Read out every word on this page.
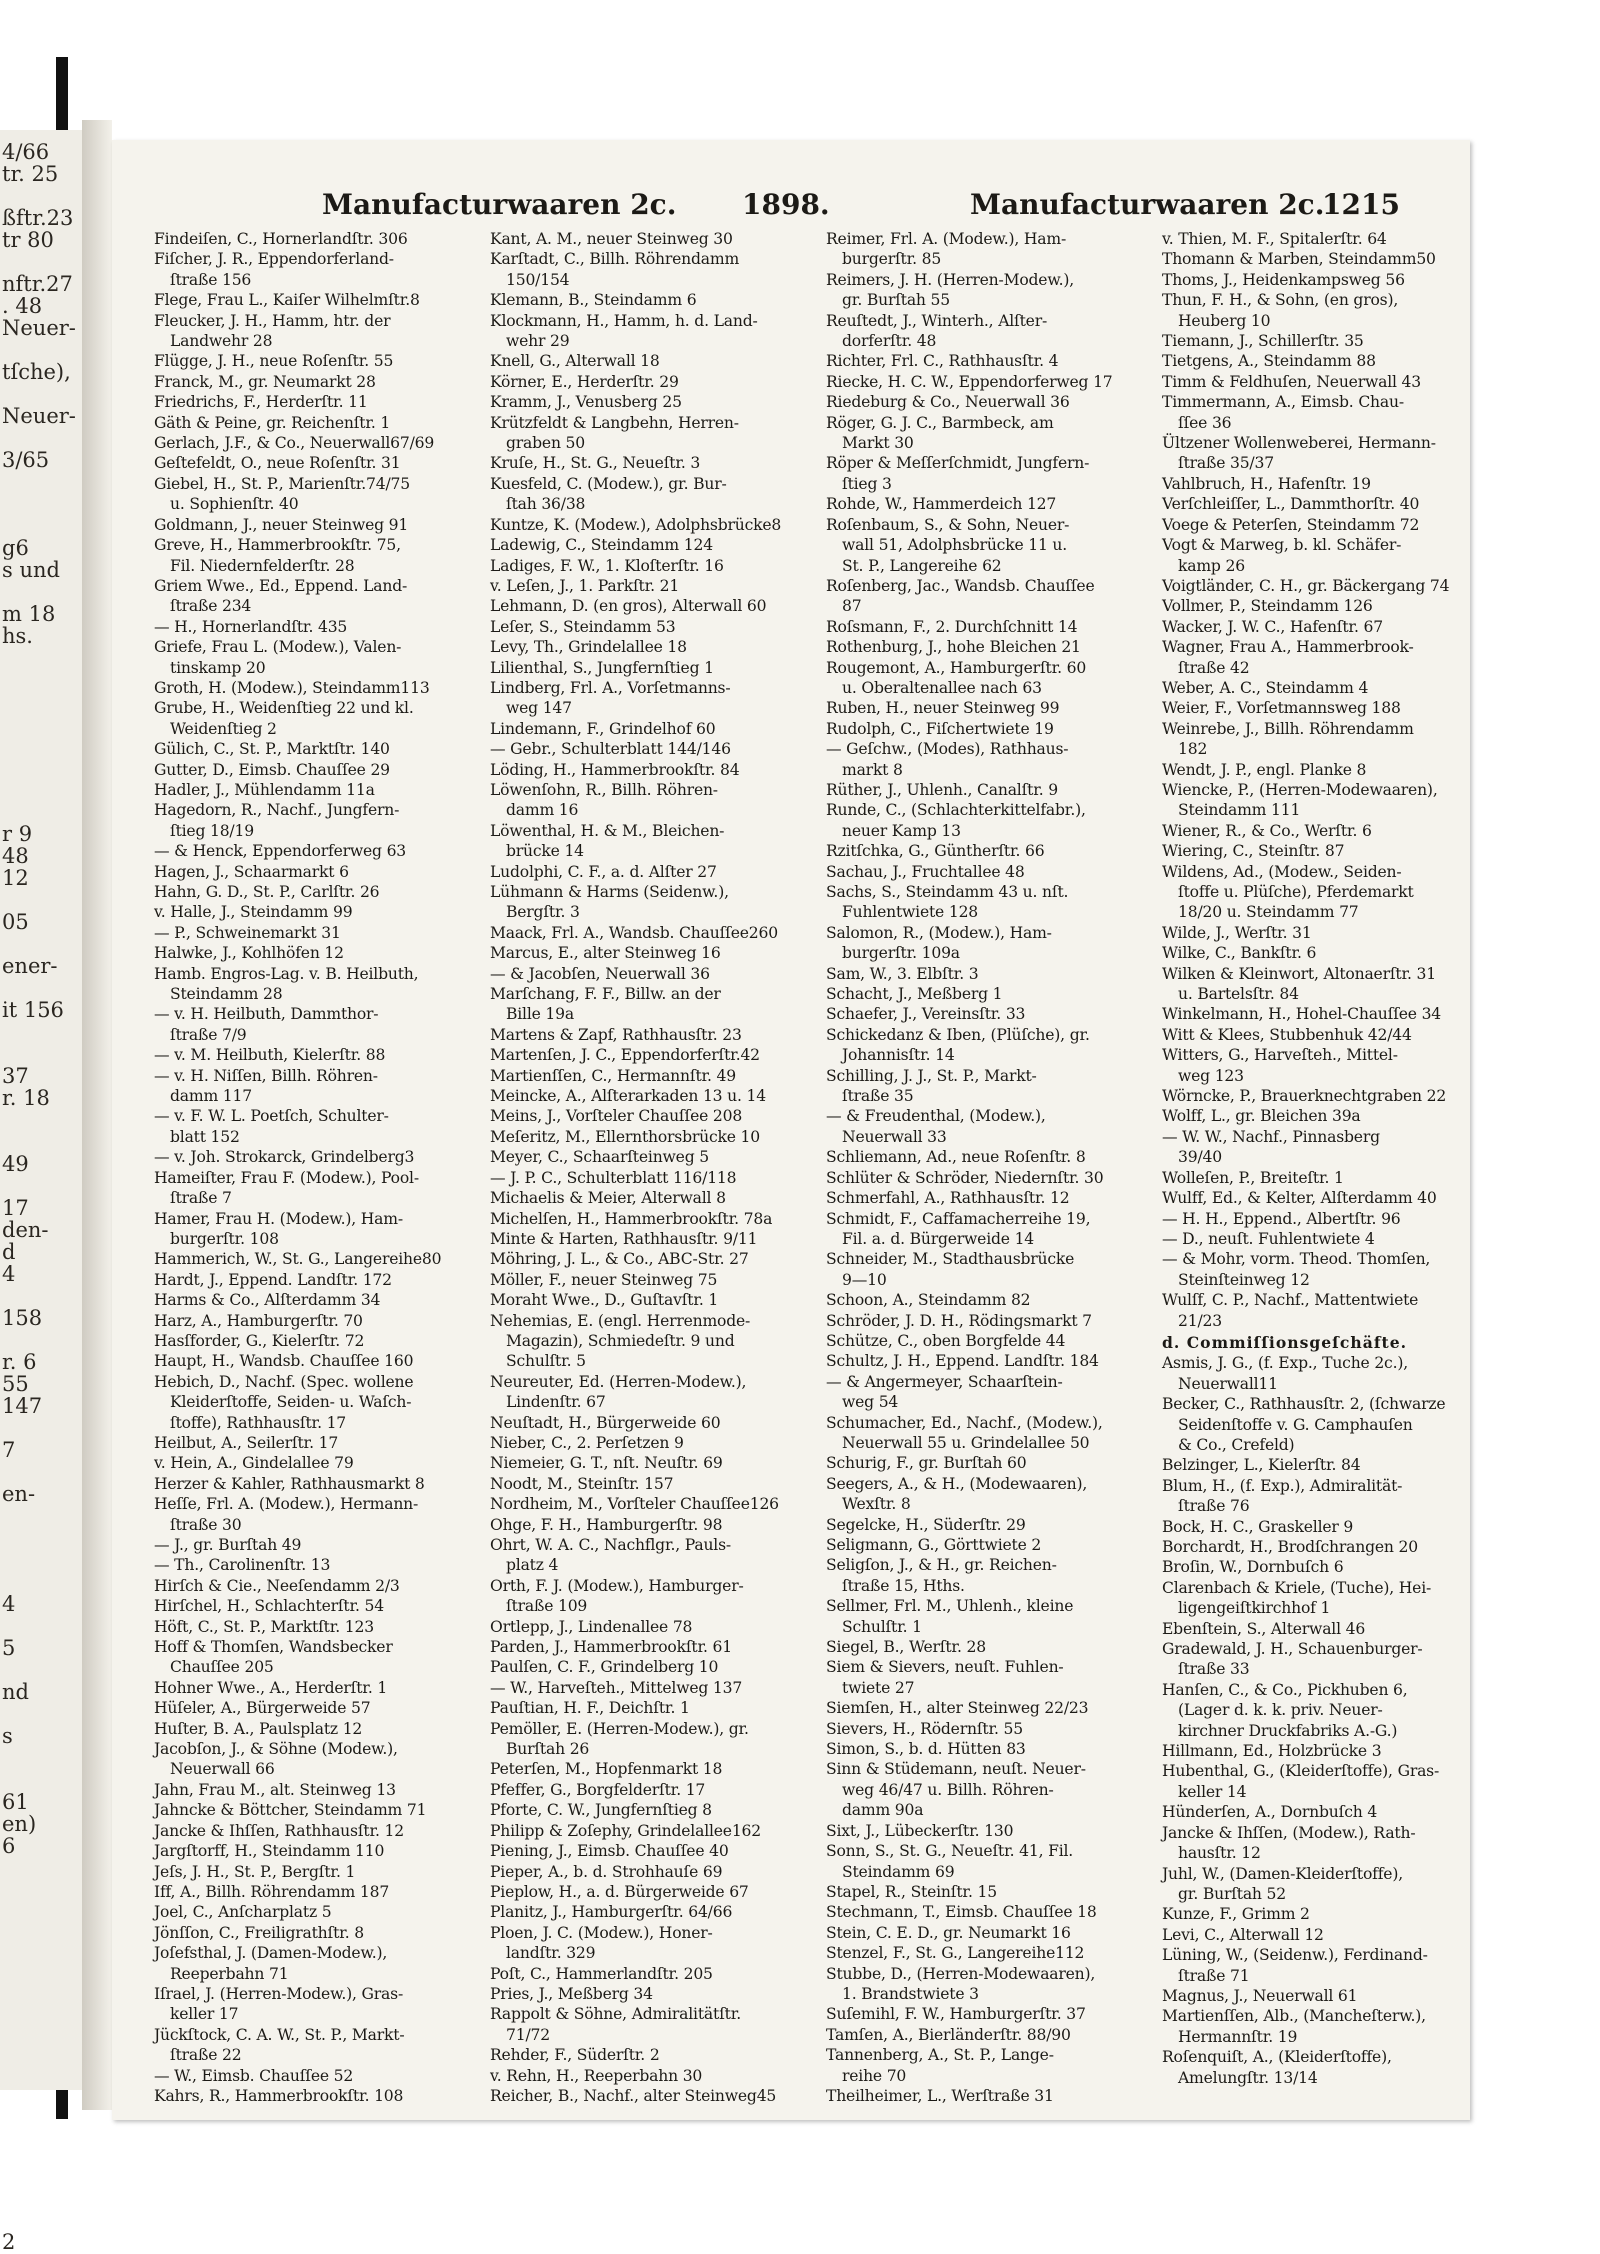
4/66
tr. 25
ßftr.23
tr 80
nftr.27
. 48
Neuer-
tſche),
Neuer-
3/65
g6
s und
m 18
hs.
r 9
48
12
05
ener-
it 156
37
r. 18
49
17
den-
d
4
158
r. 6
55
147
7
en-
4
5
nd
s
61
en)
6
2
Manufacturwaaren 2c. 1898.	Manufacturwaaren 2c.
1215
Findeiſen, C., Hornerlandſtr. 306
Fiſcher, J. R., Eppendorferland-
ſtraße 156
Flege, Frau L., Kaiſer Wilhelmſtr.8
Fleucker, J. H., Hamm, htr. der
Landwehr 28
Flügge, J. H., neue Roſenſtr. 55
Franck, M., gr. Neumarkt 28
Friedrichs, F., Herderſtr. 11
Gäth & Peine, gr. Reichenſtr. 1
Gerlach, J.F., & Co., Neuerwall67/69
Geſtefeldt, O., neue Roſenſtr. 31
Giebel, H., St. P., Marienſtr.74/75
u. Sophienſtr. 40
Goldmann, J., neuer Steinweg 91
Greve, H., Hammerbrookſtr. 75,
Fil. Niedernfelderſtr. 28
Griem Wwe., Ed., Eppend. Land-
ſtraße 234
— H., Hornerlandſtr. 435
Griefe, Frau L. (Modew.), Valen-
tinskamp 20
Groth, H. (Modew.), Steindamm113
Grube, H., Weidenſtieg 22 und kl.
Weidenſtieg 2
Gülich, C., St. P., Marktſtr. 140
Gutter, D., Eimsb. Chauſſee 29
Hadler, J., Mühlendamm 11a
Hagedorn, R., Nachf., Jungfern-
ſtieg 18/19
— & Henck, Eppendorferweg 63
Hagen, J., Schaarmarkt 6
Hahn, G. D., St. P., Carlſtr. 26
v. Halle, J., Steindamm 99
— P., Schweinemarkt 31
Halwke, J., Kohlhöfen 12
Hamb. Engros-Lag. v. B. Heilbuth,
Steindamm 28
— v. H. Heilbuth, Dammthor-
ſtraße 7/9
— v. M. Heilbuth, Kielerſtr. 88
— v. H. Niſſen, Billh. Röhren-
damm 117
— v. F. W. L. Poetſch, Schulter-
blatt 152
— v. Joh. Strokarck, Grindelberg3
Hameiſter, Frau F. (Modew.), Pool-
ſtraße 7
Hamer, Frau H. (Modew.), Ham-
burgerſtr. 108
Hammerich, W., St. G., Langereihe80
Hardt, J., Eppend. Landſtr. 172
Harms & Co., Alſterdamm 34
Harz, A., Hamburgerſtr. 70
Hasſforder, G., Kielerſtr. 72
Haupt, H., Wandsb. Chauſſee 160
Hebich, D., Nachf. (Spec. wollene
Kleiderſtoffe, Seiden- u. Waſch-
ſtoffe), Rathhausſtr. 17
Heilbut, A., Seilerſtr. 17
v. Hein, A., Gindelallee 79
Herzer & Kahler, Rathhausmarkt 8
Heſſe, Frl. A. (Modew.), Hermann-
ſtraße 30
— J., gr. Burſtah 49
— Th., Carolinenſtr. 13
Hirſch & Cie., Neeſendamm 2/3
Hirſchel, H., Schlachterſtr. 54
Höft, C., St. P., Marktſtr. 123
Hoff & Thomſen, Wandsbecker
Chauſſee 205
Hohner Wwe., A., Herderſtr. 1
Hüſeler, A., Bürgerweide 57
Huſter, B. A., Paulsplatz 12
Jacobſon, J., & Söhne (Modew.),
Neuerwall 66
Jahn, Frau M., alt. Steinweg 13
Jahncke & Böttcher, Steindamm 71
Jancke & Ihſſen, Rathhausſtr. 12
Jargſtorff, H., Steindamm 110
Jeſs, J. H., St. P., Bergſtr. 1
Iff, A., Billh. Röhrendamm 187
Joel, C., Anſcharplatz 5
Jönſſon, C., Freiligrathſtr. 8
Joſefsthal, J. (Damen-Modew.),
Reeperbahn 71
Iſrael, J. (Herren-Modew.), Gras-
keller 17
Jückſtock, C. A. W., St. P., Markt-
ſtraße 22
— W., Eimsb. Chauſſee 52
Kahrs, R., Hammerbrookſtr. 108
Kant, A. M., neuer Steinweg 30
Karſtadt, C., Billh. Röhrendamm
150/154
Klemann, B., Steindamm 6
Klockmann, H., Hamm, h. d. Land-
wehr 29
Knell, G., Alterwall 18
Körner, E., Herderſtr. 29
Kramm, J., Venusberg 25
Krützfeldt & Langbehn, Herren-
graben 50
Kruſe, H., St. G., Neueſtr. 3
Kuesfeld, C. (Modew.), gr. Bur-
ſtah 36/38
Kuntze, K. (Modew.), Adolphsbrücke8
Ladewig, C., Steindamm 124
Ladiges, F. W., 1. Kloſterſtr. 16
v. Leſen, J., 1. Parkſtr. 21
Lehmann, D. (en gros), Alterwall 60
Leſer, S., Steindamm 53
Levy, Th., Grindelallee 18
Lilienthal, S., Jungfernſtieg 1
Lindberg, Frl. A., Vorſetmanns-
weg 147
Lindemann, F., Grindelhof 60
— Gebr., Schulterblatt 144/146
Löding, H., Hammerbrookſtr. 84
Löwenſohn, R., Billh. Röhren-
damm 16
Löwenthal, H. & M., Bleichen-
brücke 14
Ludolphi, C. F., a. d. Alſter 27
Lühmann & Harms (Seidenw.),
Bergſtr. 3
Maack, Frl. A., Wandsb. Chauſſee260
Marcus, E., alter Steinweg 16
— & Jacobſen, Neuerwall 36
Marſchang, F. F., Billw. an der
Bille 19a
Martens & Zapf, Rathhausſtr. 23
Martenſen, J. C., Eppendorferſtr.42
Martienſſen, C., Hermannſtr. 49
Meincke, A., Alſterarkaden 13 u. 14
Meins, J., Vorſteler Chauſſee 208
Meſeritz, M., Ellernthorsbrücke 10
Meyer, C., Schaarſteinweg 5
— J. P. C., Schulterblatt 116/118
Michaelis & Meier, Alterwall 8
Michelſen, H., Hammerbrookſtr. 78a
Minte & Harten, Rathhausſtr. 9/11
Möhring, J. L., & Co., ABC-Str. 27
Möller, F., neuer Steinweg 75
Moraht Wwe., D., Guſtavſtr. 1
Nehemias, E. (engl. Herrenmode-
Magazin), Schmiedeſtr. 9 und
Schulſtr. 5
Neureuter, Ed. (Herren-Modew.),
Lindenſtr. 67
Neuſtadt, H., Bürgerweide 60
Nieber, C., 2. Perſetzen 9
Niemeier, G. T., nſt. Neuſtr. 69
Noodt, M., Steinſtr. 157
Nordheim, M., Vorſteler Chauſſee126
Ohge, F. H., Hamburgerſtr. 98
Ohrt, W. A. C., Nachflgr., Pauls-
platz 4
Orth, F. J. (Modew.), Hamburger-
ſtraße 109
Ortlepp, J., Lindenallee 78
Parden, J., Hammerbrookſtr. 61
Paulſen, C. F., Grindelberg 10
— W., Harveſteh., Mittelweg 137
Pauſtian, H. F., Deichſtr. 1
Pemöller, E. (Herren-Modew.), gr.
Burſtah 26
Peterſen, M., Hopfenmarkt 18
Pfeffer, G., Borgfelderſtr. 17
Pforte, C. W., Jungfernſtieg 8
Philipp & Zoſephy, Grindelallee162
Piening, J., Eimsb. Chauſſee 40
Pieper, A., b. d. Strohhauſe 69
Pieplow, H., a. d. Bürgerweide 67
Planitz, J., Hamburgerſtr. 64/66
Ploen, J. C. (Modew.), Honer-
landſtr. 329
Poſt, C., Hammerlandſtr. 205
Pries, J., Meßberg 34
Rappolt & Söhne, Admiralitätſtr.
71/72
Rehder, F., Süderſtr. 2
v. Rehn, H., Reeperbahn 30
Reicher, B., Nachf., alter Steinweg45
Reimer, Frl. A. (Modew.), Ham-
burgerſtr. 85
Reimers, J. H. (Herren-Modew.),
gr. Burſtah 55
Reuſtedt, J., Winterh., Alſter-
dorferſtr. 48
Richter, Frl. C., Rathhausſtr. 4
Riecke, H. C. W., Eppendorferweg 17
Riedeburg & Co., Neuerwall 36
Röger, G. J. C., Barmbeck, am
Markt 30
Röper & Meſſerſchmidt, Jungfern-
ſtieg 3
Rohde, W., Hammerdeich 127
Roſenbaum, S., & Sohn, Neuer-
wall 51, Adolphsbrücke 11 u.
St. P., Langereihe 62
Roſenberg, Jac., Wandsb. Chauſſee
87
Roſsmann, F., 2. Durchſchnitt 14
Rothenburg, J., hohe Bleichen 21
Rougemont, A., Hamburgerſtr. 60
u. Oberaltenallee nach 63
Ruben, H., neuer Steinweg 99
Rudolph, C., Fiſchertwiete 19
— Geſchw., (Modes), Rathhaus-
markt 8
Rüther, J., Uhlenh., Canalſtr. 9
Runde, C., (Schlachterkittelfabr.),
neuer Kamp 13
Rzitſchka, G., Güntherſtr. 66
Sachau, J., Fruchtallee 48
Sachs, S., Steindamm 43 u. nſt.
Fuhlentwiete 128
Salomon, R., (Modew.), Ham-
burgerſtr. 109a
Sam, W., 3. Elbſtr. 3
Schacht, J., Meßberg 1
Schaefer, J., Vereinsſtr. 33
Schickedanz & Iben, (Plüſche), gr.
Johannisſtr. 14
Schilling, J. J., St. P., Markt-
ſtraße 35
— & Freudenthal, (Modew.),
Neuerwall 33
Schliemann, Ad., neue Roſenſtr. 8
Schlüter & Schröder, Niedernſtr. 30
Schmerfahl, A., Rathhausſtr. 12
Schmidt, F., Caffamacherreihe 19,
Fil. a. d. Bürgerweide 14
Schneider, M., Stadthausbrücke
9—10
Schoon, A., Steindamm 82
Schröder, J. D. H., Rödingsmarkt 7
Schütze, C., oben Borgfelde 44
Schultz, J. H., Eppend. Landſtr. 184
— & Angermeyer, Schaarſtein-
weg 54
Schumacher, Ed., Nachf., (Modew.),
Neuerwall 55 u. Grindelallee 50
Schurig, F., gr. Burſtah 60
Seegers, A., & H., (Modewaaren),
Wexſtr. 8
Segelcke, H., Süderſtr. 29
Seligmann, G., Görttwiete 2
Seligſon, J., & H., gr. Reichen-
ſtraße 15, Hths.
Sellmer, Frl. M., Uhlenh., kleine
Schulſtr. 1
Siegel, B., Werſtr. 28
Siem & Sievers, neuſt. Fuhlen-
twiete 27
Siemſen, H., alter Steinweg 22/23
Sievers, H., Rödernſtr. 55
Simon, S., b. d. Hütten 83
Sinn & Stüdemann, neuſt. Neuer-
weg 46/47 u. Billh. Röhren-
damm 90a
Sixt, J., Lübeckerſtr. 130
Sonn, S., St. G., Neueſtr. 41, Fil.
Steindamm 69
Stapel, R., Steinſtr. 15
Stechmann, T., Eimsb. Chauſſee 18
Stein, C. E. D., gr. Neumarkt 16
Stenzel, F., St. G., Langereihe112
Stubbe, D., (Herren-Modewaaren),
1. Brandstwiete 3
Suſemihl, F. W., Hamburgerſtr. 37
Tamſen, A., Bierländerſtr. 88/90
Tannenberg, A., St. P., Lange-
reihe 70
Theilheimer, L., Werſtraße 31
v. Thien, M. F., Spitalerſtr. 64
Thomann & Marben, Steindamm50
Thoms, J., Heidenkampsweg 56
Thun, F. H., & Sohn, (en gros),
Heuberg 10
Tiemann, J., Schillerſtr. 35
Tietgens, A., Steindamm 88
Timm & Feldhuſen, Neuerwall 43
Timmermann, A., Eimsb. Chau-
ſſee 36
Ültzener Wollenweberei, Hermann-
ſtraße 35/37
Vahlbruch, H., Hafenſtr. 19
Verſchleiſſer, L., Dammthorſtr. 40
Voege & Peterſen, Steindamm 72
Vogt & Marweg, b. kl. Schäfer-
kamp 26
Voigtländer, C. H., gr. Bäckergang 74
Vollmer, P., Steindamm 126
Wacker, J. W. C., Hafenſtr. 67
Wagner, Frau A., Hammerbrook-
ſtraße 42
Weber, A. C., Steindamm 4
Weier, F., Vorſetmannsweg 188
Weinrebe, J., Billh. Röhrendamm
182
Wendt, J. P., engl. Planke 8
Wiencke, P., (Herren-Modewaaren),
Steindamm 111
Wiener, R., & Co., Werſtr. 6
Wiering, C., Steinſtr. 87
Wildens, Ad., (Modew., Seiden-
ſtoffe u. Plüſche), Pferdemarkt
18/20 u. Steindamm 77
Wilde, J., Werſtr. 31
Wilke, C., Bankſtr. 6
Wilken & Kleinwort, Altonaerſtr. 31
u. Bartelsſtr. 84
Winkelmann, H., Hohel-Chauſſee 34
Witt & Klees, Stubbenhuk 42/44
Witters, G., Harveſteh., Mittel-
weg 123
Wörncke, P., Brauerknechtgraben 22
Wolff, L., gr. Bleichen 39a
— W. W., Nachf., Pinnasberg
39/40
Wolleſen, P., Breiteſtr. 1
Wulff, Ed., & Kelter, Alſterdamm 40
— H. H., Eppend., Albertſtr. 96
— D., neuſt. Fuhlentwiete 4
— & Mohr, vorm. Theod. Thomſen,
Steinſteinweg 12
Wulſf, C. P., Nachf., Mattentwiete
21/23
d. Commiſſionsgeſchäfte.
Asmis, J. G., (f. Exp., Tuche 2c.),
Neuerwall11
Becker, C., Rathhausſtr. 2, (ſchwarze
Seidenſtoffe v. G. Camphauſen
& Co., Crefeld)
Belzinger, L., Kielerſtr. 84
Blum, H., (f. Exp.), Admiralität-
ſtraße 76
Bock, H. C., Graskeller 9
Borchardt, H., Brodſchrangen 20
Broſin, W., Dornbuſch 6
Clarenbach & Kriele, (Tuche), Hei-
ligengeiſtkirchhof 1
Ebenſtein, S., Alterwall 46
Gradewald, J. H., Schauenburger-
ſtraße 33
Hanſen, C., & Co., Pickhuben 6,
(Lager d. k. k. priv. Neuer-
kirchner Druckfabriks A.-G.)
Hillmann, Ed., Holzbrücke 3
Hubenthal, G., (Kleiderſtoffe), Gras-
keller 14
Hünderſen, A., Dornbuſch 4
Jancke & Ihſſen, (Modew.), Rath-
hausſtr. 12
Juhl, W., (Damen-Kleiderſtoffe),
gr. Burſtah 52
Kunze, F., Grimm 2
Levi, C., Alterwall 12
Lüning, W., (Seidenw.), Ferdinand-
ſtraße 71
Magnus, J., Neuerwall 61
Martienſſen, Alb., (Mancheſterw.),
Hermannſtr. 19
Roſenquiſt, A., (Kleiderſtoffe),
Amelungſtr. 13/14
